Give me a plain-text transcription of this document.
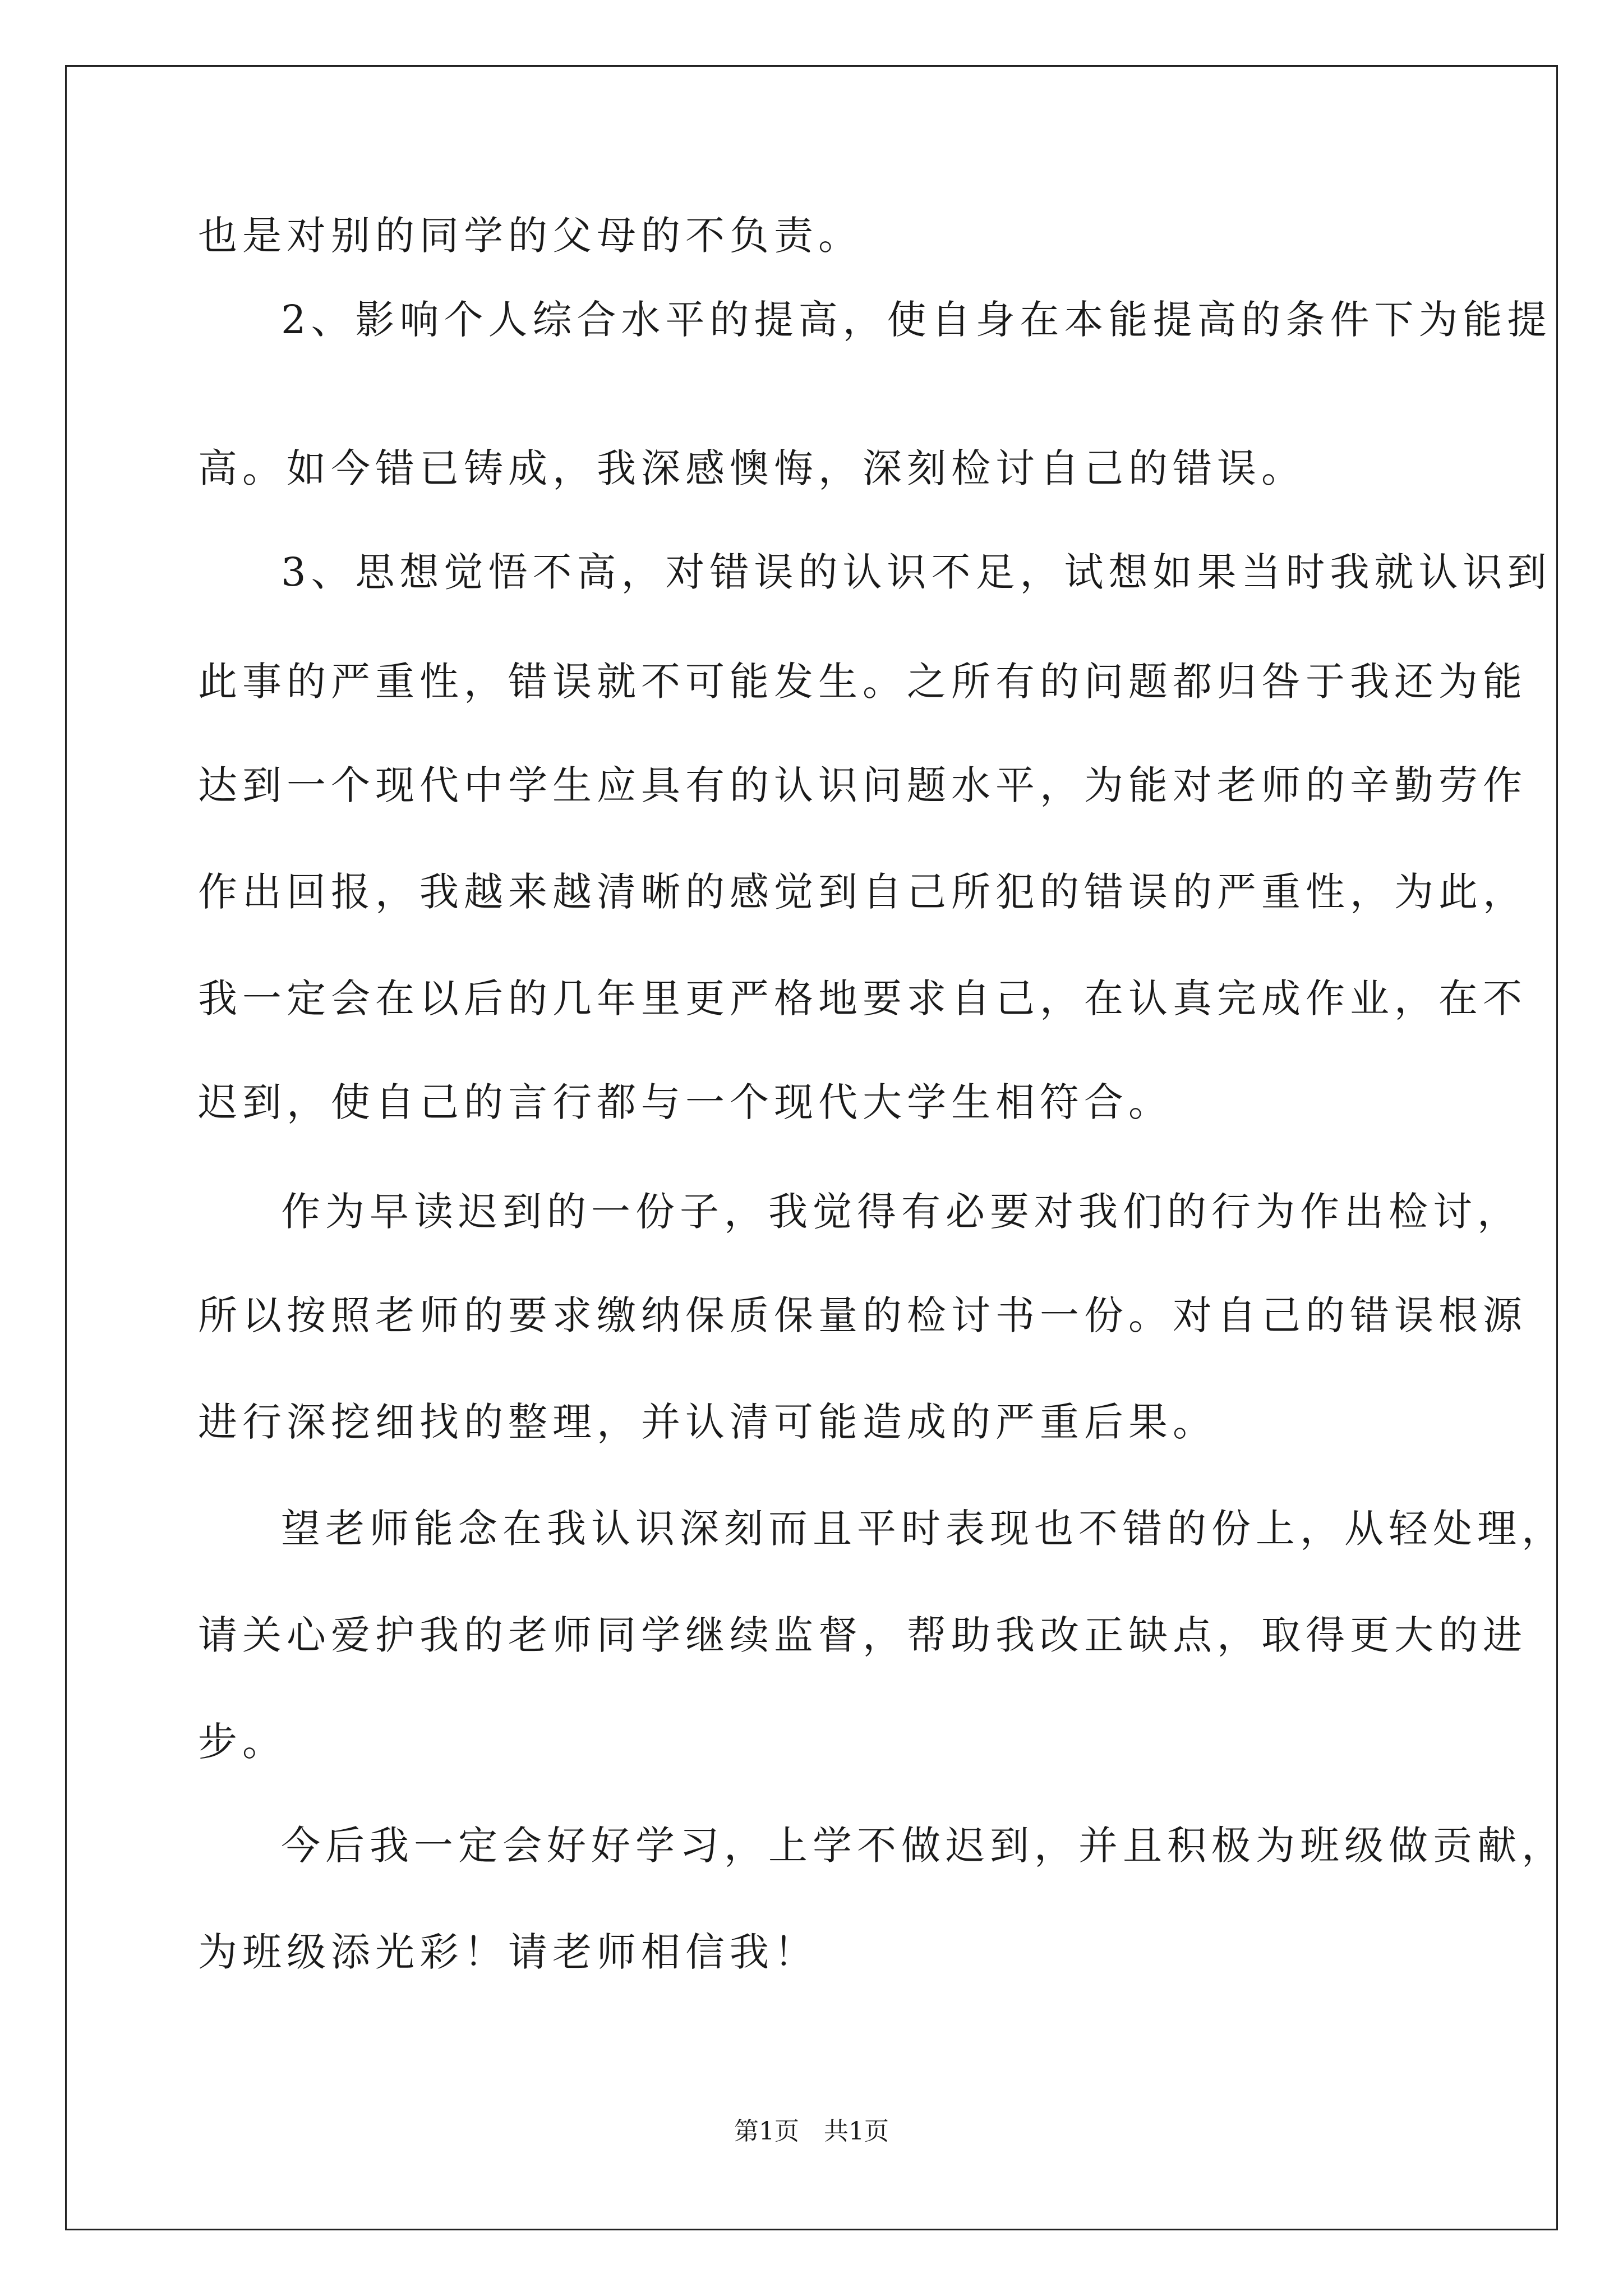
也是对别的同学的父母的不负责。
2、影响个人综合水平的提高，使自身在本能提高的条件下为能提
高。如今错已铸成，我深感懊悔，深刻检讨自己的错误。
3、思想觉悟不高，对错误的认识不足，试想如果当时我就认识到
此事的严重性，错误就不可能发生。之所有的问题都归咎于我还为能
达到一个现代中学生应具有的认识问题水平，为能对老师的辛勤劳作
作出回报，我越来越清晰的感觉到自己所犯的错误的严重性，为此，
我一定会在以后的几年里更严格地要求自己，在认真完成作业，在不
迟到，使自己的言行都与一个现代大学生相符合。
作为早读迟到的一份子，我觉得有必要对我们的行为作出检讨，
所以按照老师的要求缴纳保质保量的检讨书一份。对自己的错误根源
进行深挖细找的整理，并认清可能造成的严重后果。
望老师能念在我认识深刻而且平时表现也不错的份上，从轻处理，
请关心爱护我的老师同学继续监督，帮助我改正缺点，取得更大的进
步。
今后我一定会好好学习，上学不做迟到，并且积极为班级做贡献，
为班级添光彩！请老师相信我！
第1页　共1页
